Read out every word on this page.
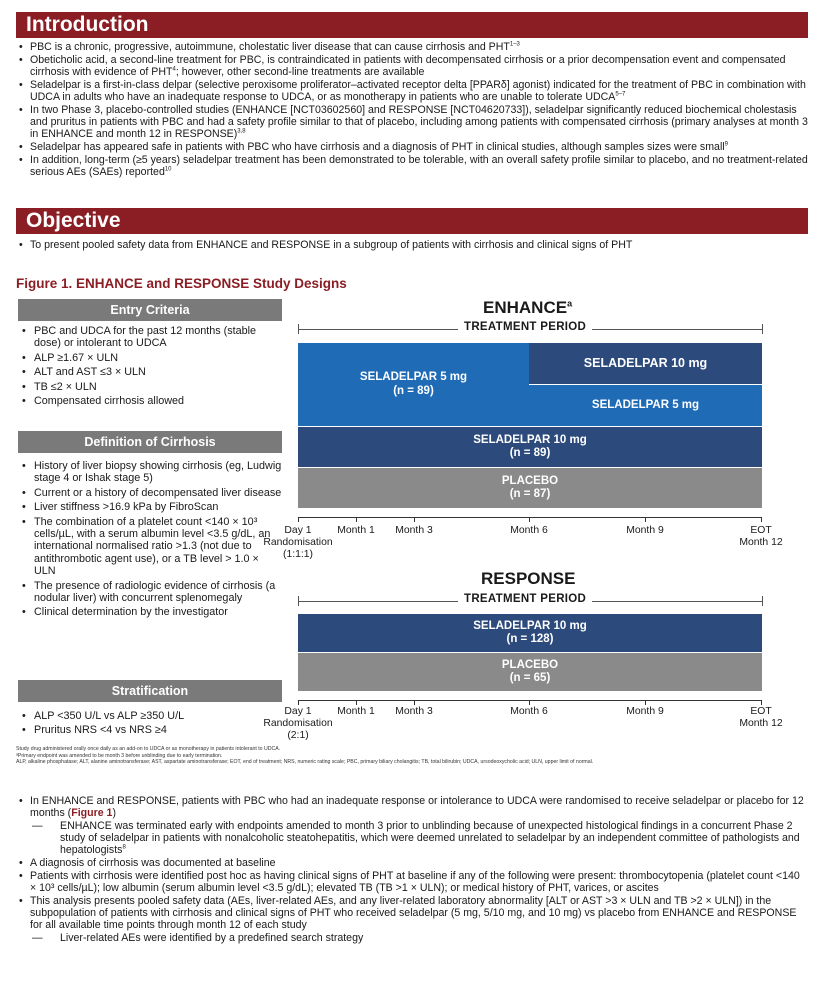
Introduction
• PBC is a chronic, progressive, autoimmune, cholestatic liver disease that can cause cirrhosis and PHT$^{1-3}$
• Obeticholic acid, a second-line treatment for PBC, is contraindicated in patients with decompensated cirrhosis or a prior decompensation event and compensated cirrhosis with evidence of PHT$^4$; however, other second-line treatments are available
• Seladelpar is a first-in-class delpar (selective peroxisome proliferator–activated receptor delta [PPARδ] agonist) indicated for the treatment of PBC in combination with UDCA in adults who have an inadequate response to UDCA, or as monotherapy in patients who are unable to tolerate UDCA$^{5-7}$
• In two Phase 3, placebo-controlled studies (ENHANCE [NCT03602560] and RESPONSE [NCT04620733]), seladelpar significantly reduced biochemical cholestasis and pruritus in patients with PBC and had a safety profile similar to that of placebo, including among patients with compensated cirrhosis (primary analyses at month 3 in ENHANCE and month 12 in RESPONSE)$^{3,8}$
• Seladelpar has appeared safe in patients with PBC who have cirrhosis and a diagnosis of PHT in clinical studies, although samples sizes were small$^9$
• In addition, long-term (≥5 years) seladelpar treatment has been demonstrated to be tolerable, with an overall safety profile similar to placebo, and no treatment-related serious AEs (SAEs) reported$^{10}$
Objective
• To present pooled safety data from ENHANCE and RESPONSE in a subgroup of patients with cirrhosis and clinical signs of PHT
Figure 1. ENHANCE and RESPONSE Study Designs
Entry Criteria
• PBC and UDCA for the past 12 months (stable dose) or intolerant to UDCA
• ALP ≥1.67 × ULN
• ALT and AST ≤3 × ULN
• TB ≤2 × ULN
• Compensated cirrhosis allowed
Definition of Cirrhosis
• History of liver biopsy showing cirrhosis (eg, Ludwig stage 4 or Ishak stage 5)
• Current or a history of decompensated liver disease
• Liver stiffness >16.9 kPa by FibroScan
• The combination of a platelet count <140 × 10³ cells/µL, with a serum albumin level <3.5 g/dL, an international normalised ratio >1.3 (not due to antithrombotic agent use), or a TB level > 1.0 × ULN
• The presence of radiologic evidence of cirrhosis (a nodular liver) with concurrent splenomegaly
• Clinical determination by the investigator
Stratification
• ALP <350 U/L vs ALP ≥350 U/L
• Pruritus NRS <4 vs NRS ≥4
ENHANCE$^a$
TREATMENT PERIOD
SELADELPAR 5 mg
(n = 89)
SELADELPAR 10 mg
SELADELPAR 5 mg
SELADELPAR 10 mg
(n = 89)
PLACEBO
(n = 87)
Day 1
Randomisation
(1:1:1)
Month 1	Month 3	Month 6	Month 9	EOT
Month 12
RESPONSE
TREATMENT PERIOD
SELADELPAR 10 mg
(n = 128)
PLACEBO
(n = 65)
Day 1
Randomisation
(2:1)
Month 1	Month 3	Month 6	Month 9	EOT
Month 12
Study drug administered orally once daily as an add-on to UDCA or as monotherapy in patients intolerant to UDCA.
ᵃPrimary endpoint was amended to be month 3 before unblinding due to early termination.
ALP, alkaline phosphatase; ALT, alanine aminotransferase; AST, aspartate aminotransferase; EOT, end of treatment; NRS, numeric rating scale; PBC, primary biliary cholangitis; TB, total bilirubin; UDCA, ursodeoxycholic acid; ULN, upper limit of normal.
• In ENHANCE and RESPONSE, patients with PBC who had an inadequate response or intolerance to UDCA were randomised to receive seladelpar or placebo for 12 months (Figure 1)
— ENHANCE was terminated early with endpoints amended to month 3 prior to unblinding because of unexpected histological findings in a concurrent Phase 2 study of seladelpar in patients with nonalcoholic steatohepatitis, which were deemed unrelated to seladelpar by an independent committee of pathologists and hepatologists$^8$
• A diagnosis of cirrhosis was documented at baseline
• Patients with cirrhosis were identified post hoc as having clinical signs of PHT at baseline if any of the following were present: thrombocytopenia (platelet count <140 × 10³ cells/µL); low albumin (serum albumin level <3.5 g/dL); elevated TB (TB >1 × ULN); or medical history of PHT, varices, or ascites
• This analysis presents pooled safety data (AEs, liver-related AEs, and any liver-related laboratory abnormality [ALT or AST >3 × ULN and TB >2 × ULN]) in the subpopulation of patients with cirrhosis and clinical signs of PHT who received seladelpar (5 mg, 5/10 mg, and 10 mg) vs placebo from ENHANCE and RESPONSE for all available time points through month 12 of each study
— Liver-related AEs were identified by a predefined search strategy
